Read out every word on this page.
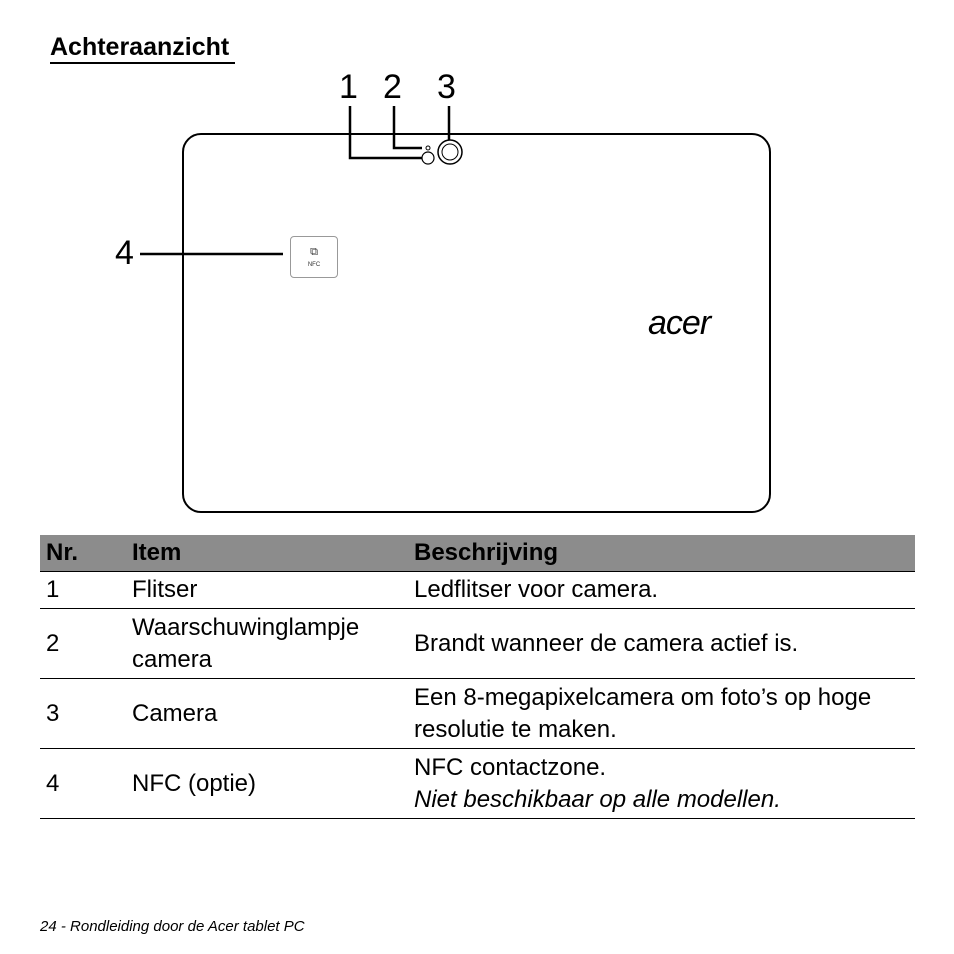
Achteraanzicht
1 2 3
4	⧉
NFC
acer
Nr.	Item	Beschrijving
1	Flitser	Ledflitser voor camera.
2	Waarschuwinglampje camera	Brandt wanneer de camera actief is.
3	Camera	Een 8-megapixelcamera om foto’s op hoge resolutie te maken.
4	NFC (optie)	NFC contactzone.
Niet beschikbaar op alle modellen.
24 - Rondleiding door de Acer tablet PC
